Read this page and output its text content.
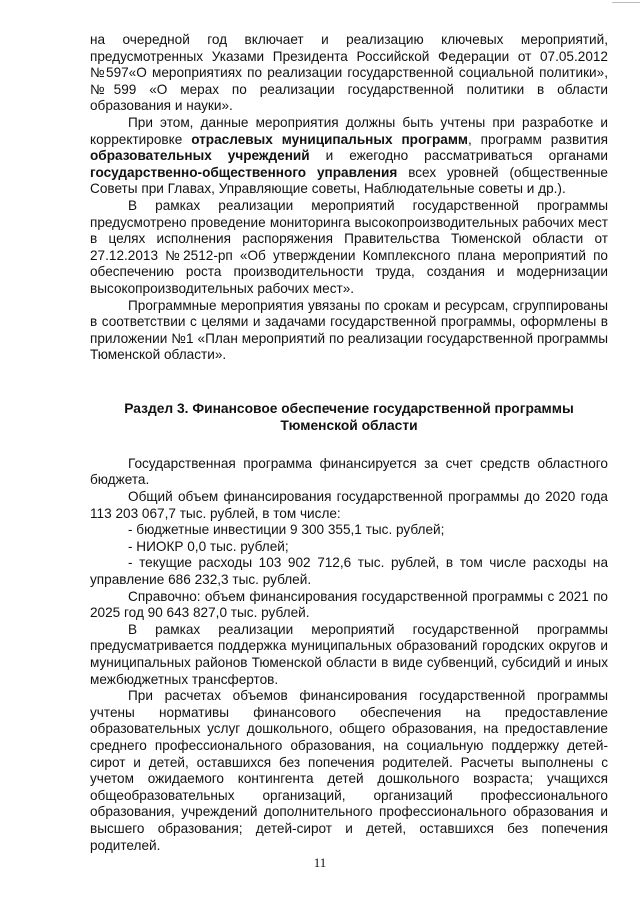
на очередной год включает и реализацию ключевых мероприятий, предусмотренных Указами Президента Российской Федерации от 07.05.2012 №597«О мероприятиях по реализации государственной социальной политики», №599 «О мерах по реализации государственной политики в области образования и науки».

При этом, данные мероприятия должны быть учтены при разработке и корректировке отраслевых муниципальных программ, программ развития образовательных учреждений и ежегодно рассматриваться органами государственно-общественного управления всех уровней (общественные Советы при Главах, Управляющие советы, Наблюдательные советы и др.).

В рамках реализации мероприятий государственной программы предусмотрено проведение мониторинга высокопроизводительных рабочих мест в целях исполнения распоряжения Правительства Тюменской области от 27.12.2013 №2512-рп «Об утверждении Комплексного плана мероприятий по обеспечению роста производительности труда, создания и модернизации высокопроизводительных рабочих мест».

Программные мероприятия увязаны по срокам и ресурсам, сгруппированы в соответствии с целями и задачами государственной программы, оформлены в приложении №1 «План мероприятий по реализации государственной программы Тюменской области».

Раздел 3. Финансовое обеспечение государственной программы
Тюменской области

Государственная программа финансируется за счет средств областного бюджета.

Общий объем финансирования государственной программы до 2020 года 113 203 067,7 тыс. рублей, в том числе:

- бюджетные инвестиции 9 300 355,1 тыс. рублей;

- НИОКР 0,0 тыс. рублей;

- текущие расходы 103 902 712,6 тыс. рублей, в том числе расходы на управление 686 232,3 тыс. рублей.

Справочно: объем финансирования государственной программы с 2021 по 2025 год 90 643 827,0 тыс. рублей.

В рамках реализации мероприятий государственной программы предусматривается поддержка муниципальных образований городских округов и муниципальных районов Тюменской области в виде субвенций, субсидий и иных межбюджетных трансфертов.

При расчетах объемов финансирования государственной программы учтены нормативы финансового обеспечения на предоставление образовательных услуг дошкольного, общего образования, на предоставление среднего профессионального образования, на социальную поддержку детей-сирот и детей, оставшихся без попечения родителей. Расчеты выполнены с учетом ожидаемого контингента детей дошкольного возраста; учащихся общеобразовательных организаций, организаций профессионального образования, учреждений дополнительного профессионального образования и высшего образования; детей-сирот и детей, оставшихся без попечения родителей.

11
